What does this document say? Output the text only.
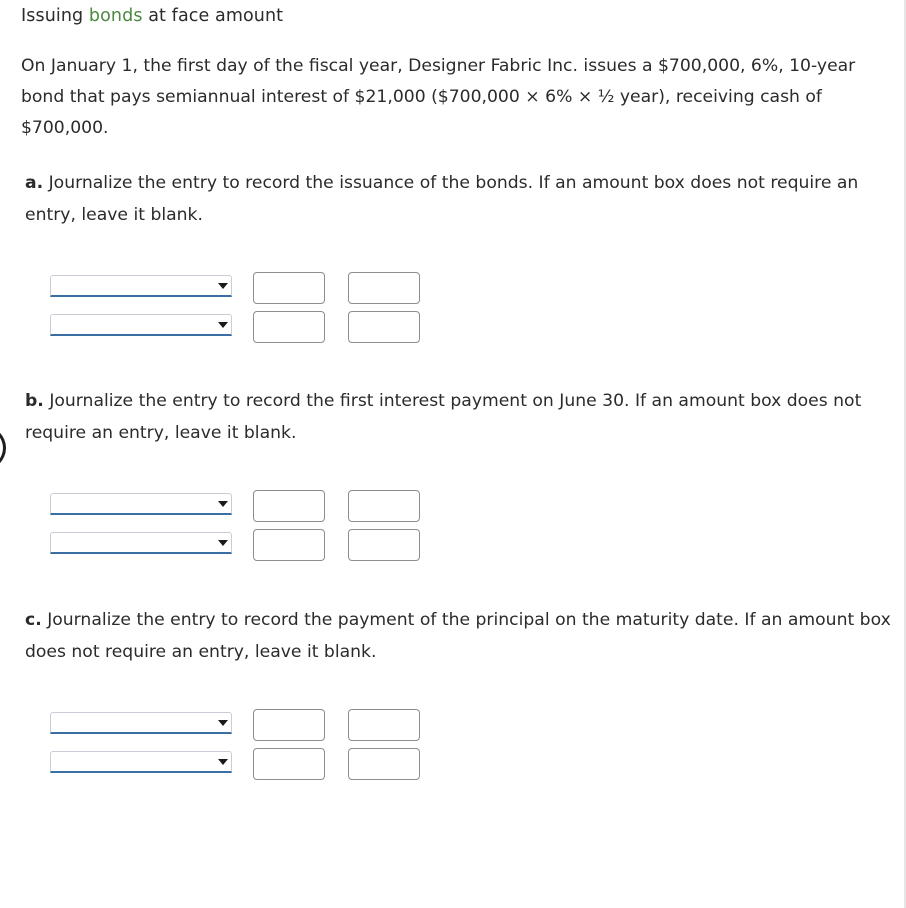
Issuing bonds at face amount
On January 1, the first day of the fiscal year, Designer Fabric Inc. issues a $700,000, 6%, 10-year bond that pays semiannual interest of $21,000 ($700,000 × 6% × ½ year), receiving cash of $700,000.
a. Journalize the entry to record the issuance of the bonds. If an amount box does not require an entry, leave it blank.
b. Journalize the entry to record the first interest payment on June 30. If an amount box does not require an entry, leave it blank.
c. Journalize the entry to record the payment of the principal on the maturity date. If an amount box does not require an entry, leave it blank.
